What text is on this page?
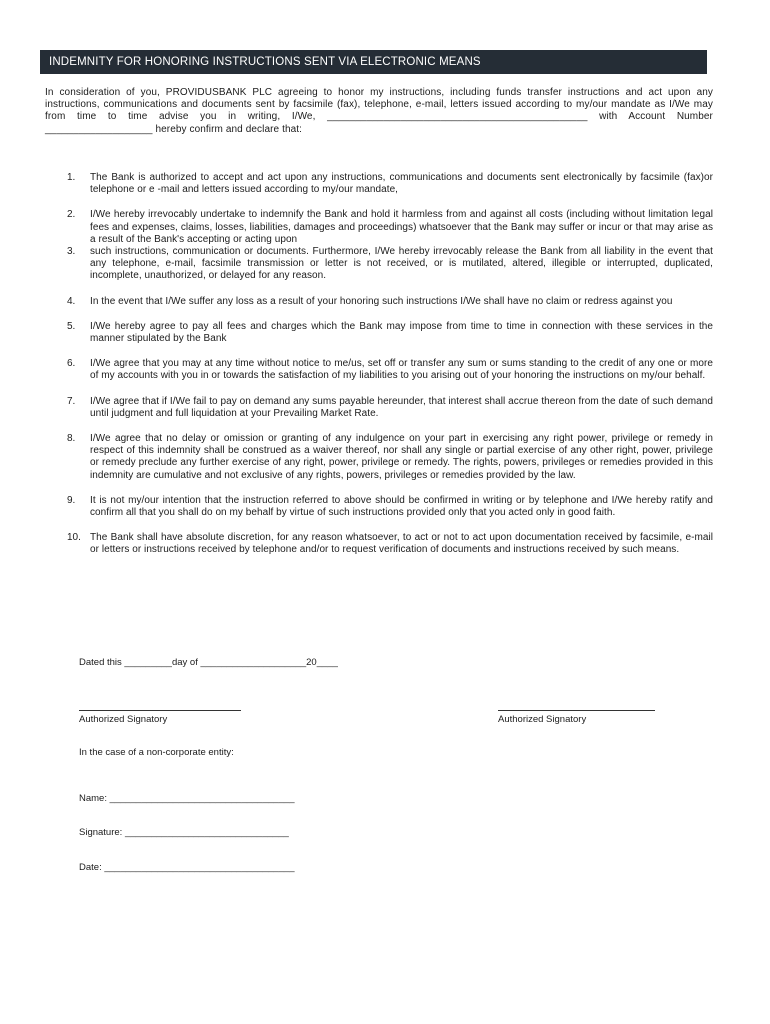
INDEMNITY FOR HONORING INSTRUCTIONS SENT VIA ELECTRONIC MEANS

In consideration of you, PROVIDUSBANK PLC agreeing to honor my instructions, including funds transfer instructions and act upon any instructions, communications and documents sent by facsimile (fax), telephone, e-mail, letters issued according to my/our mandate as I/We may from time to time advise you in writing, I/We, ______________________________________________ with Account Number ___________________ hereby confirm and declare that:

1.	The Bank is authorized to accept and act upon any instructions, communications and documents sent electronically by facsimile (fax)or telephone or e -mail and letters issued according to my/our mandate,
2.	I/We hereby irrevocably undertake to indemnify the Bank and hold it harmless from and against all costs (including without limitation legal fees and expenses, claims, losses, liabilities, damages and proceedings) whatsoever that the Bank may suffer or incur or that may arise as a result of the Bank's accepting or acting upon
3.	such instructions, communication or documents. Furthermore, I/We hereby irrevocably release the Bank from all liability in the event that any telephone, e-mail, facsimile transmission or letter is not received, or is mutilated, altered, illegible or interrupted, duplicated, incomplete, unauthorized, or delayed for any reason.
4.	In the event that I/We suffer any loss as a result of your honoring such instructions I/We shall have no claim or redress against you
5.	I/We hereby agree to pay all fees and charges which the Bank may impose from time to time in connection with these services in the manner stipulated by the Bank
6.	I/We agree that you may at any time without notice to me/us, set off or transfer any sum or sums standing to the credit of any one or more of my accounts with you in or towards the satisfaction of my liabilities to you arising out of your honoring the instructions on my/our behalf.
7.	I/We agree that if I/We fail to pay on demand any sums payable hereunder, that interest shall accrue thereon from the date of such demand until judgment and full liquidation at your Prevailing Market Rate.
8.	I/We agree that no delay or omission or granting of any indulgence on your part in exercising any right power, privilege or remedy in respect of this indemnity shall be construed as a waiver thereof, nor shall any single or partial exercise of any other right, power, privilege or remedy preclude any further exercise of any right, power, privilege or remedy. The rights, powers, privileges or remedies provided in this indemnity are cumulative and not exclusive of any rights, powers, privileges or remedies provided by the law.
9.	It is not my/our intention that the instruction referred to above should be confirmed in writing or by telephone and I/We hereby ratify and confirm all that you shall do on my behalf by virtue of such instructions provided only that you acted only in good faith.
10. The Bank shall have absolute discretion, for any reason whatsoever, to act or not to act upon documentation received by facsimile, e-mail or letters or instructions received by telephone and/or to request verification of documents and instructions received by such means.
Dated this _________day of ____________________20____
Authorized Signatory	Authorized Signatory
In the case of a non-corporate entity:
Name: ___________________________________
Signature: _______________________________
Date: ____________________________________
